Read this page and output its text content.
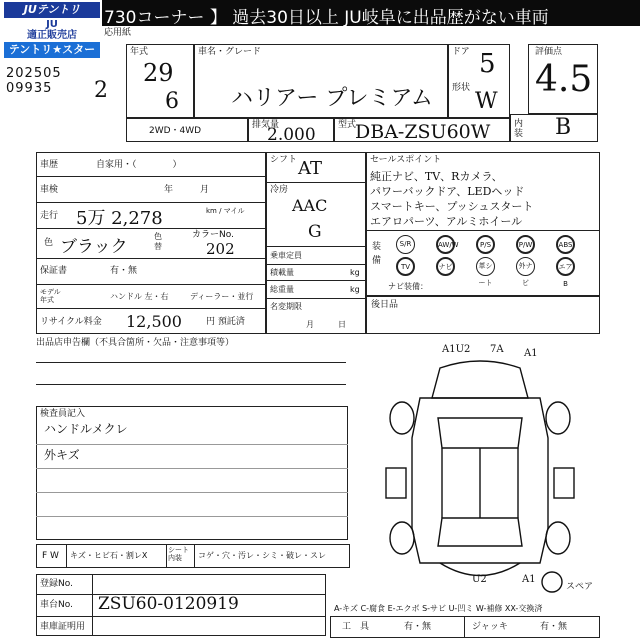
730コーナー 】 過去30日以上 JU岐阜に出品歴がない車両
JUテントリ
JU
適正販売店
テントリ★スター
応用紙
202505
09935	2
年式
29
6
車名・グレード
ハリアー プレミアム
ドア 5
形状
W
評価点
4.5
内装 B
2WD・4WD
排気量
2.000 型式
DBA-ZSU60W
車歴	自家用・（　　　　）
車検	年　　　月
走行 5万 2,278	km / マイル
色 ブラック
色替
カラーNo.
202
保証書	有・無
モデル年式	ハンドル 左・右	ディーラー・並行
リサイクル料金 12,500	円 預託済
シフト AT
冷房
AAC
G
乗車定員
積載量	kg
総重量	kg
名変期限
月　　　日
セールスポイント
純正ナビ、TV、Rカメラ、
パワーバックドア、LEDヘッド
スマートキー、プッシュスタート
エアロパーツ、アルミホイール
装備
S/R	AW/W	P/S	P/W	ABS
TV	ナビ	革シート
外ナビ
エアB
ナビ装備：
後日品
出品店申告欄（不具合箇所・欠品・注意事項等）
検査員記入
ハンドルメクレ
外キズ
A1U2 7A A1
U2	A1
スペア
F W キズ・ヒビ石・割レX
シート内装	コゲ・穴・汚レ・シミ・破レ・スレ
登録No.
車台No. ZSU60-0120919
車庫証明用
A-キズ C-腐食 E-エクボ S-サビ U-凹ミ W-補修 XX-交換済
工　具	有・無	ジャッキ	有・無
